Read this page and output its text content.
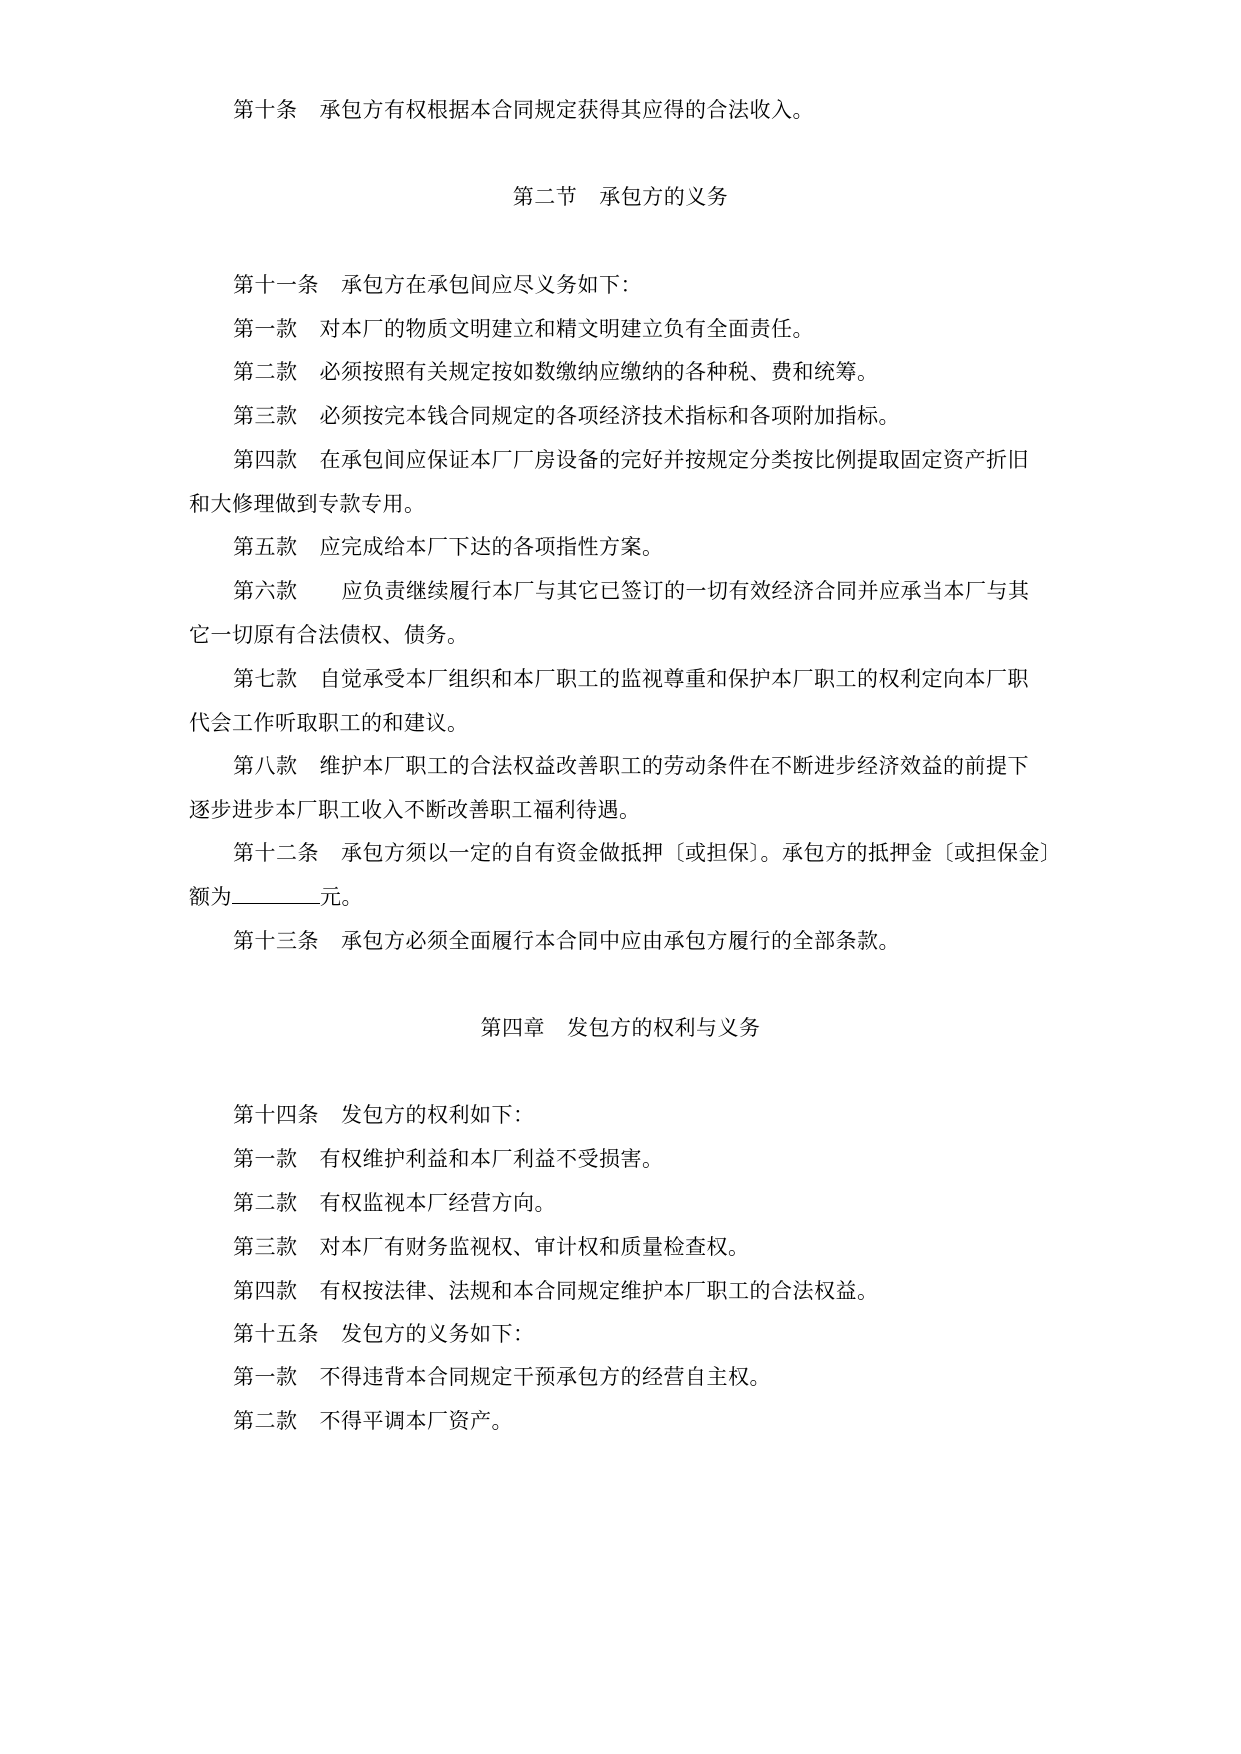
第十条 承包方有权根据本合同规定获得其应得的合法收入。
第二节 承包方的义务
第十一条 承包方在承包间应尽义务如下：
第一款 对本厂的物质文明建立和精文明建立负有全面责任。
第二款 必须按照有关规定按如数缴纳应缴纳的各种税、费和统筹。
第三款 必须按完本钱合同规定的各项经济技术指标和各项附加指标。
第四款 在承包间应保证本厂厂房设备的完好并按规定分类按比例提取固定资产折旧
和大修理做到专款专用。
第五款 应完成给本厂下达的各项指性方案。
第六款 应负责继续履行本厂与其它已签订的一切有效经济合同并应承当本厂与其
它一切原有合法债权、债务。
第七款 自觉承受本厂组织和本厂职工的监视尊重和保护本厂职工的权利定向本厂职
代会工作听取职工的和建议。
第八款 维护本厂职工的合法权益改善职工的劳动条件在不断进步经济效益的前提下
逐步进步本厂职工收入不断改善职工福利待遇。
第十二条 承包方须以一定的自有资金做抵押〔或担保〕。承包方的抵押金〔或担保金〕
额为	元。
第十三条 承包方必须全面履行本合同中应由承包方履行的全部条款。
第四章 发包方的权利与义务
第十四条 发包方的权利如下：
第一款 有权维护利益和本厂利益不受损害。
第二款 有权监视本厂经营方向。
第三款 对本厂有财务监视权、审计权和质量检查权。
第四款 有权按法律、法规和本合同规定维护本厂职工的合法权益。
第十五条 发包方的义务如下：
第一款 不得违背本合同规定干预承包方的经营自主权。
第二款 不得平调本厂资产。
